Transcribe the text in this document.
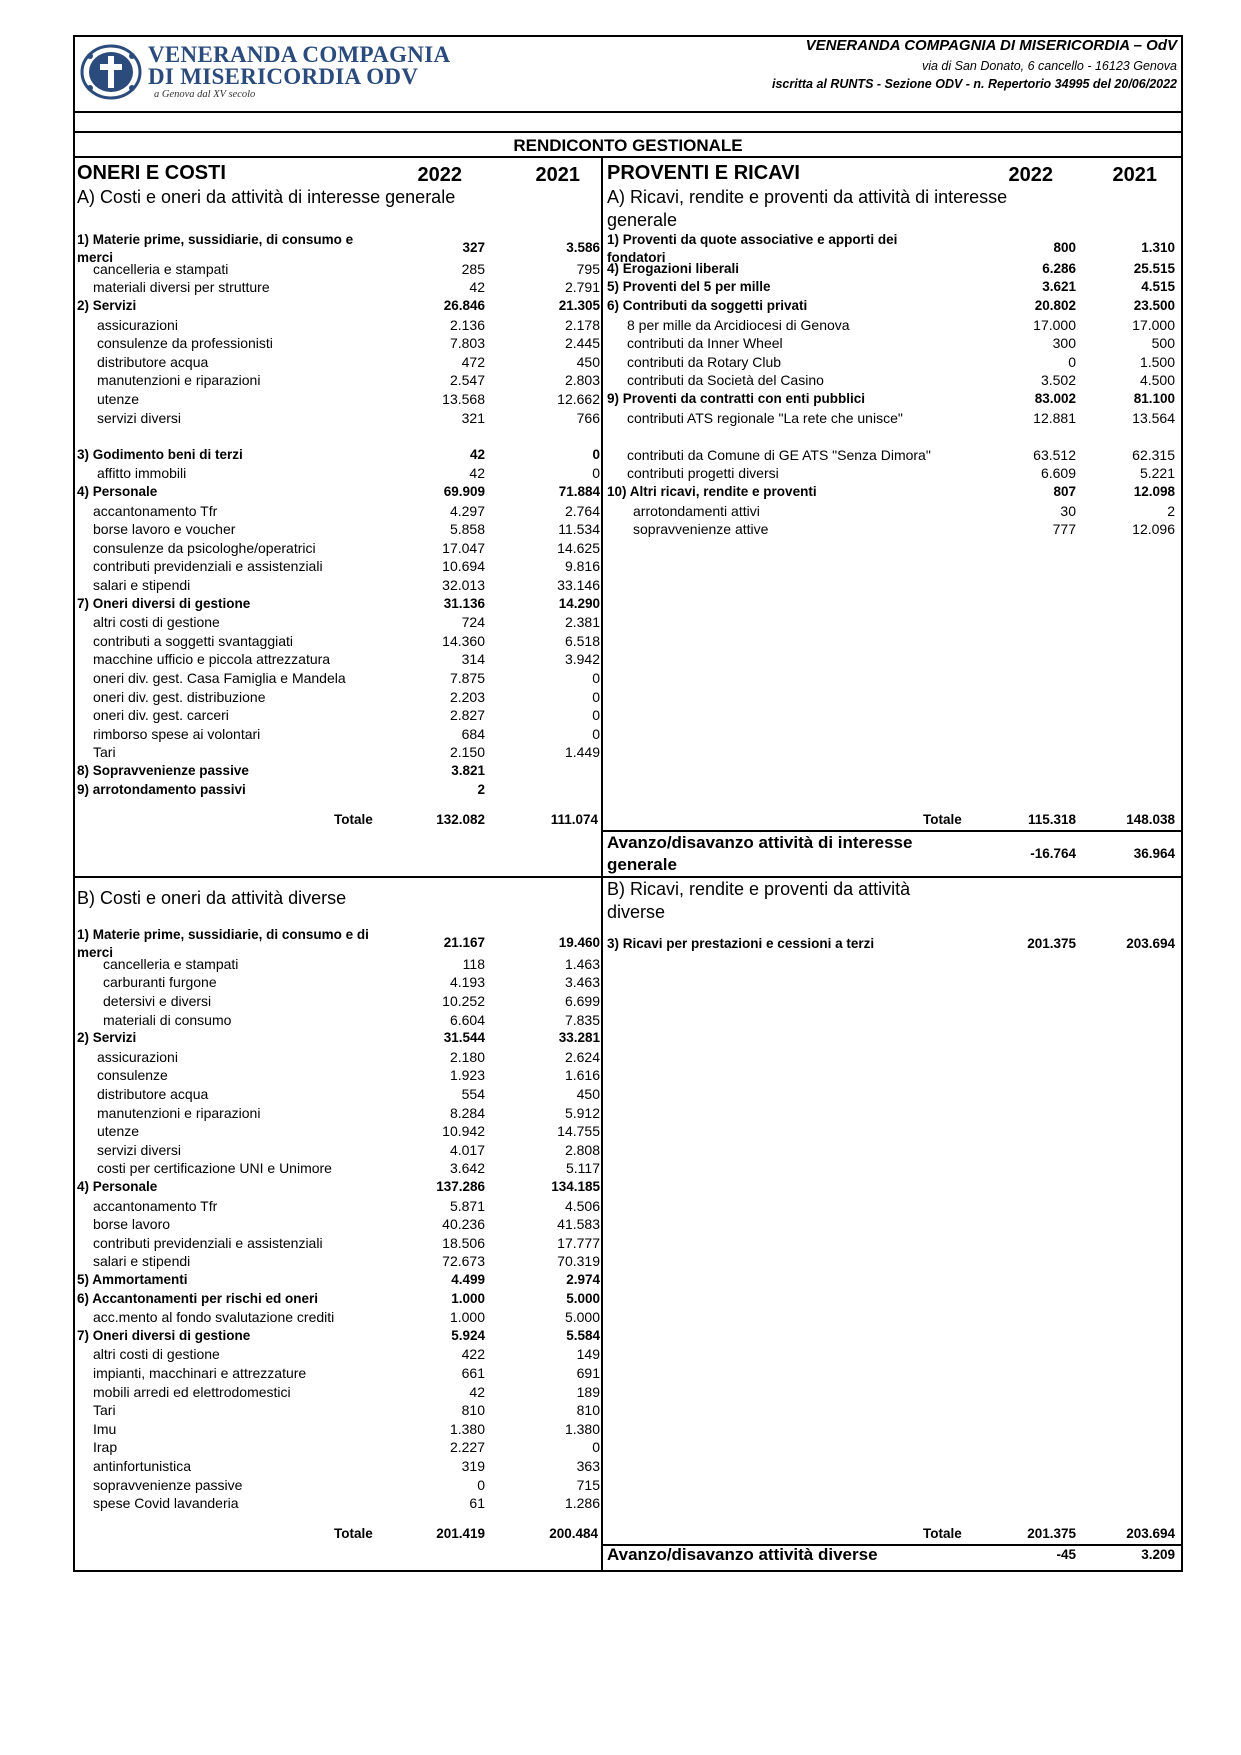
VENERANDA COMPAGNIA
DI MISERICORDIA ODV
a Genova dal XV secolo
VENERANDA COMPAGNIA DI MISERICORDIA – OdV
via di San Donato, 6 cancello - 16123 Genova
iscritta al RUNTS - Sezione ODV - n. Repertorio 34995 del 20/06/2022
RENDICONTO GESTIONALE
ONERI E COSTI	2022	2021 PROVENTI E RICAVI	2022	2021
A) Costi e oneri da attività di interesse generale	A) Ricavi, rendite e proventi da attività di interesse generale
1) Materie prime, sussidiarie, di consumo e merci
327	3.586
cancelleria e stampati	285	795
materiali diversi per strutture	42	2.791
2) Servizi	26.846	21.305
assicurazioni	2.136	2.178
consulenze da professionisti	7.803	2.445
distributore acqua	472	450
manutenzioni e riparazioni	2.547	2.803
utenze	13.568	12.662
servizi diversi	321	766
3) Godimento beni di terzi	42	0
affitto immobili	42	0
4) Personale	69.909	71.884
accantonamento Tfr	4.297	2.764
borse lavoro e voucher	5.858	11.534
consulenze da psicologhe/operatrici	17.047	14.625
contributi previdenziali e assistenziali	10.694	9.816
salari e stipendi	32.013	33.146
7) Oneri diversi di gestione	31.136	14.290
altri costi di gestione	724	2.381
contributi a soggetti svantaggiati	14.360	6.518
macchine ufficio e piccola attrezzatura	314	3.942
oneri div. gest. Casa Famiglia e Mandela	7.875	0
oneri div. gest. distribuzione	2.203	0
oneri div. gest. carceri	2.827	0
rimborso spese ai volontari	684	0
Tari	2.150	1.449
8) Sopravvenienze passive	3.821
9) arrotondamento passivi	2
Totale	132.082	111.074
1) Proventi da quote associative e apporti dei fondatori
800	1.310
4) Erogazioni liberali	6.286	25.515
5) Proventi del 5 per mille	3.621	4.515
6) Contributi da soggetti privati	20.802	23.500
8 per mille da Arcidiocesi di Genova	17.000	17.000
contributi da Inner Wheel	300	500
contributi da Rotary Club	0	1.500
contributi da Società del Casino	3.502	4.500
9) Proventi da contratti con enti pubblici	83.002	81.100
contributi ATS regionale "La rete che unisce"	12.881	13.564
contributi da Comune di GE ATS "Senza Dimora"	63.512	62.315
contributi progetti diversi	6.609	5.221
10) Altri ricavi, rendite e proventi	807	12.098
arrotondamenti attivi	30	2
sopravvenienze attive	777	12.096
Totale	115.318	148.038
Avanzo/disavanzo attività di interesse generale
-16.764	36.964
B) Costi e oneri da attività diverse	B) Ricavi, rendite e proventi da attività diverse
1) Materie prime, sussidiarie, di consumo e di merci
21.167	19.460
cancelleria e stampati	118	1.463
carburanti furgone	4.193	3.463
detersivi e diversi	10.252	6.699
materiali di consumo	6.604	7.835
2) Servizi	31.544	33.281
assicurazioni	2.180	2.624
consulenze	1.923	1.616
distributore acqua	554	450
manutenzioni e riparazioni	8.284	5.912
utenze	10.942	14.755
servizi diversi	4.017	2.808
costi per certificazione UNI e Unimore	3.642	5.117
4) Personale	137.286	134.185
accantonamento Tfr	5.871	4.506
borse lavoro	40.236	41.583
contributi previdenziali e assistenziali	18.506	17.777
salari e stipendi	72.673	70.319
5) Ammortamenti	4.499	2.974
6) Accantonamenti per rischi ed oneri	1.000	5.000
acc.mento al fondo svalutazione crediti	1.000	5.000
7) Oneri diversi di gestione	5.924	5.584
altri costi di gestione	422	149
impianti, macchinari e attrezzature	661	691
mobili arredi ed elettrodomestici	42	189
Tari	810	810
Imu	1.380	1.380
Irap	2.227	0
antinfortunistica	319	363
sopravvenienze passive	0	715
spese Covid lavanderia	61	1.286
Totale	201.419	200.484
3) Ricavi per prestazioni e cessioni a terzi	201.375	203.694
Totale	201.375	203.694
Avanzo/disavanzo attività diverse	-45	3.209
